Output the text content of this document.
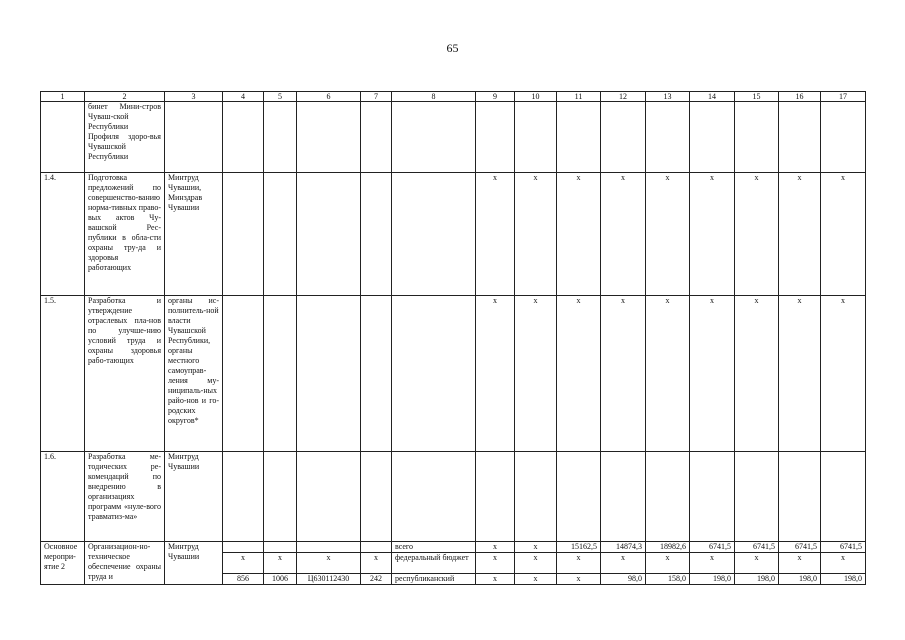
65
1	2	3	4	5	6	7	8	9	10	11	12	13	14	15	16	17
	бинет Мини-стров Чуваш-ской Республики Профиля здоро-вья Чувашской Республики															
1.4.	Подготовка предложений по совершенство-ванию норма-тивных право-вых актов Чу-вашской Рес-публики в обла-сти охраны тру-да и здоровья работающих	Минтруд Чувашии, Минздрав Чувашии						x	x	x	x	x	x	x	x	x
1.5.	Разработка и утверждение отраслевых пла-нов по улучше-нию условий труда и охраны здоровья рабо-тающих	органы ис-полнитель-ной власти Чувашской Республики, органы местного самоуправ-ления му-ниципаль-ных райо-нов и го-родских округов*						x	x	x	x	x	x	x	x	x
1.6.	Разработка ме-тодических ре-комендаций по внедрению в организациях программ «нуле-вого травматиз-ма»	Минтруд Чувашии														
Основное меропри-ятие 2	Организацион-но-техническое обеспечение охраны труда и	Минтруд Чувашии					всего	x	x	15162,5	14874,3	18982,6	6741,5	6741,5	6741,5	6741,5
			x	x	x	x	федеральный бюджет	x	x	x	x	x	x	x	x	x
			856	1006	Ц630112430	242	республиканский	x	x	x	98,0	158,0	198,0	198,0	198,0	198,0
